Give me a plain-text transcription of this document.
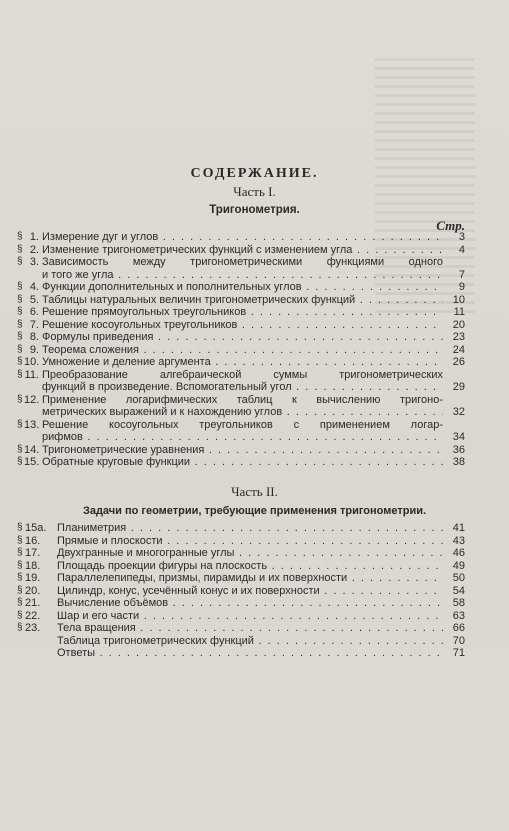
СОДЕРЖАНИЕ.
Часть I.
Тригонометрия.
Стр.
§ 1. Измерение дуг и углов . . .	3
§ 2. Изменение тригонометрических функций с изменением угла . . .	4
§ 3. Зависимость между тригонометрическими функциями одного
и того же угла . . .	7
§ 4. Функции дополнительных и пополнительных углов . . .	9
§ 5. Таблицы натуральных величин тригонометрических функций . . .	10
§ 6. Решение прямоугольных треугольников . . .	11
§ 7. Решение косоугольных треугольников . . .	20
§ 8. Формулы приведения . . .	23
§ 9. Теорема сложения . . .	24
§ 10. Умножение и деление аргумента . . .	26
§ 11. Преобразование алгебраической суммы тригонометрических
функций в произведение. Вспомогательный угол . . .	29
§ 12. Применение логарифмических таблиц к вычислению тригоно-
метрических выражений и к нахождению углов . . .	32
§ 13. Решение косоугольных треугольников с применением логар-
рифмов . . .	34
§ 14. Тригонометрические уравнения . . .	36
§ 15. Обратные круговые функции . . .	38
Часть II.
Задачи по геометрии, требующие применения тригонометрии.
§ 15а. Планиметрия . . .	41
§ 16.	Прямые и плоскости . . .	43
§ 17.	Двухгранные и многогранные углы . . .	46
§ 18.	Площадь проекции фигуры на плоскость . . .	49
§ 19.	Параллелепипеды, призмы, пирамиды и их поверхности . . .	50
§ 20.	Цилиндр, конус, усечённый конус и их поверхности . . .	54
§ 21.	Вычисление объёмов . . .	58
§ 22.	Шар и его части . . .	63
§ 23.	Тела вращения . . .	66
Таблица тригонометрических функций . . .	70
Ответы . . .	71
